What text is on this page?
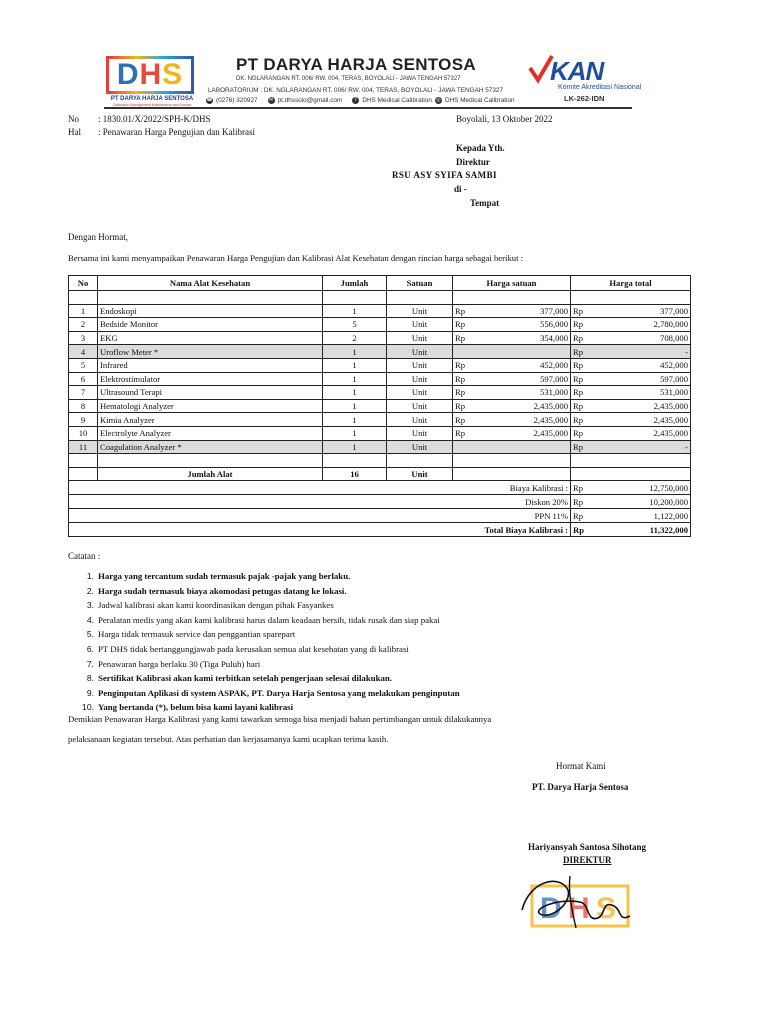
D H S
PT DARYA HARJA SENTOSA
Calibration Management Maintenance and Service
PT DARYA HARJA SENTOSA
DK. NGLARANGAN RT. 006/ RW. 004, TERAS, BOYOLALI - JAWA TENGAH 57327
LABORATORIUM : DK. NGLARANGAN RT. 006/ RW. 004, TERAS, BOYOLALI - JAWA TENGAH 57327
☎ (0276) 320927 ✉ pt.dhssolo@gmail.com	f DHS Medical Calibration ◎ DHS Medical Calibration
KAN
Komite Akreditasi Nasional
LK-262-IDN
No : 1830.01/X/2022/SPH-K/DHS
Hal : Penawaran Harga Pengujian dan Kalibrasi
Boyolali, 13 Oktober 2022
Kepada Yth.
Direktur
RSU ASY SYIFA SAMBI
di -
Tempat
Dengan Hormat,
Bersama ini kami menyampaikan Penawaran Harga Pengujian dan Kalibrasi Alat Kesehatan dengan rincian harga sebagai berikut :
No	Nama Alat Kesehatan	Jumlah	Satuan	Harga satuan		Harga total	

1	Endoskopi	1	Unit	Rp	377,000	Rp	377,000
2	Bedside Monitor	5	Unit	Rp	556,000	Rp	2,780,000
3	EKG	2	Unit	Rp	354,000	Rp	708,000
4	Uroflow Meter *	1	Unit			Rp	-
5	Infrared	1	Unit	Rp	452,000	Rp	452,000
6	Elektrostimulator	1	Unit	Rp	597,000	Rp	597,000
7	Ultrasound Terapi	1	Unit	Rp	531,000	Rp	531,000
8	Hematologi Analyzer	1	Unit	Rp	2,435,000	Rp	2,435,000
9	Kimia Analyzer	1	Unit	Rp	2,435,000	Rp	2,435,000
10	Electrolyte Analyzer	1	Unit	Rp	2,435,000	Rp	2,435,000
11	Coagulation Analyzer *	1	Unit			Rp	-

	Jumlah Alat	16	Unit				
Biaya Kalibrasi :	Rp	12,750,000
Diskon 20%	Rp	10,200,000
PPN 11%	Rp	1,122,000
Total Biaya Kalibrasi :	Rp	11,322,000
Catatan :
1. Harga yang tercantum sudah termasuk pajak -pajak yang berlaku.
2. Harga sudah termasuk biaya akomodasi petugas datang ke lokasi.
3. Jadwal kalibrasi akan kami koordinasikan dengan pihak Fasyankes
4. Peralatan medis yang akan kami kalibrasi harus dalam keadaan bersih, tidak rusak dan siap pakai
5. Harga tidak termasuk service dan penggantian sparepart
6. PT DHS tidak bertanggungjawab pada kerusakan semua alat kesehatan yang di kalibrasi
7. Penawaran harga berlaku 30 (Tiga Puluh) hari
8. Sertifikat Kalibrasi akan kami terbitkan setelah pengerjaan selesai dilakukan.
9. Penginputan Aplikasi di system ASPAK, PT. Darya Harja Sentosa yang melakukan penginputan
10. Yang bertanda (*), belum bisa kami layani kalibrasi
Demikian Penawaran Harga Kalibrasi yang kami tawarkan semoga bisa menjadi bahan pertimbangan untuk dilakukannya
pelaksanaan kegiatan tersebut. Atas perhatian dan kerjasamanya kami ucapkan terima kasih.
Hormat Kami
PT. Darya Harja Sentosa
Hariyansyah Santosa Sihotang
DIREKTUR
D H S
